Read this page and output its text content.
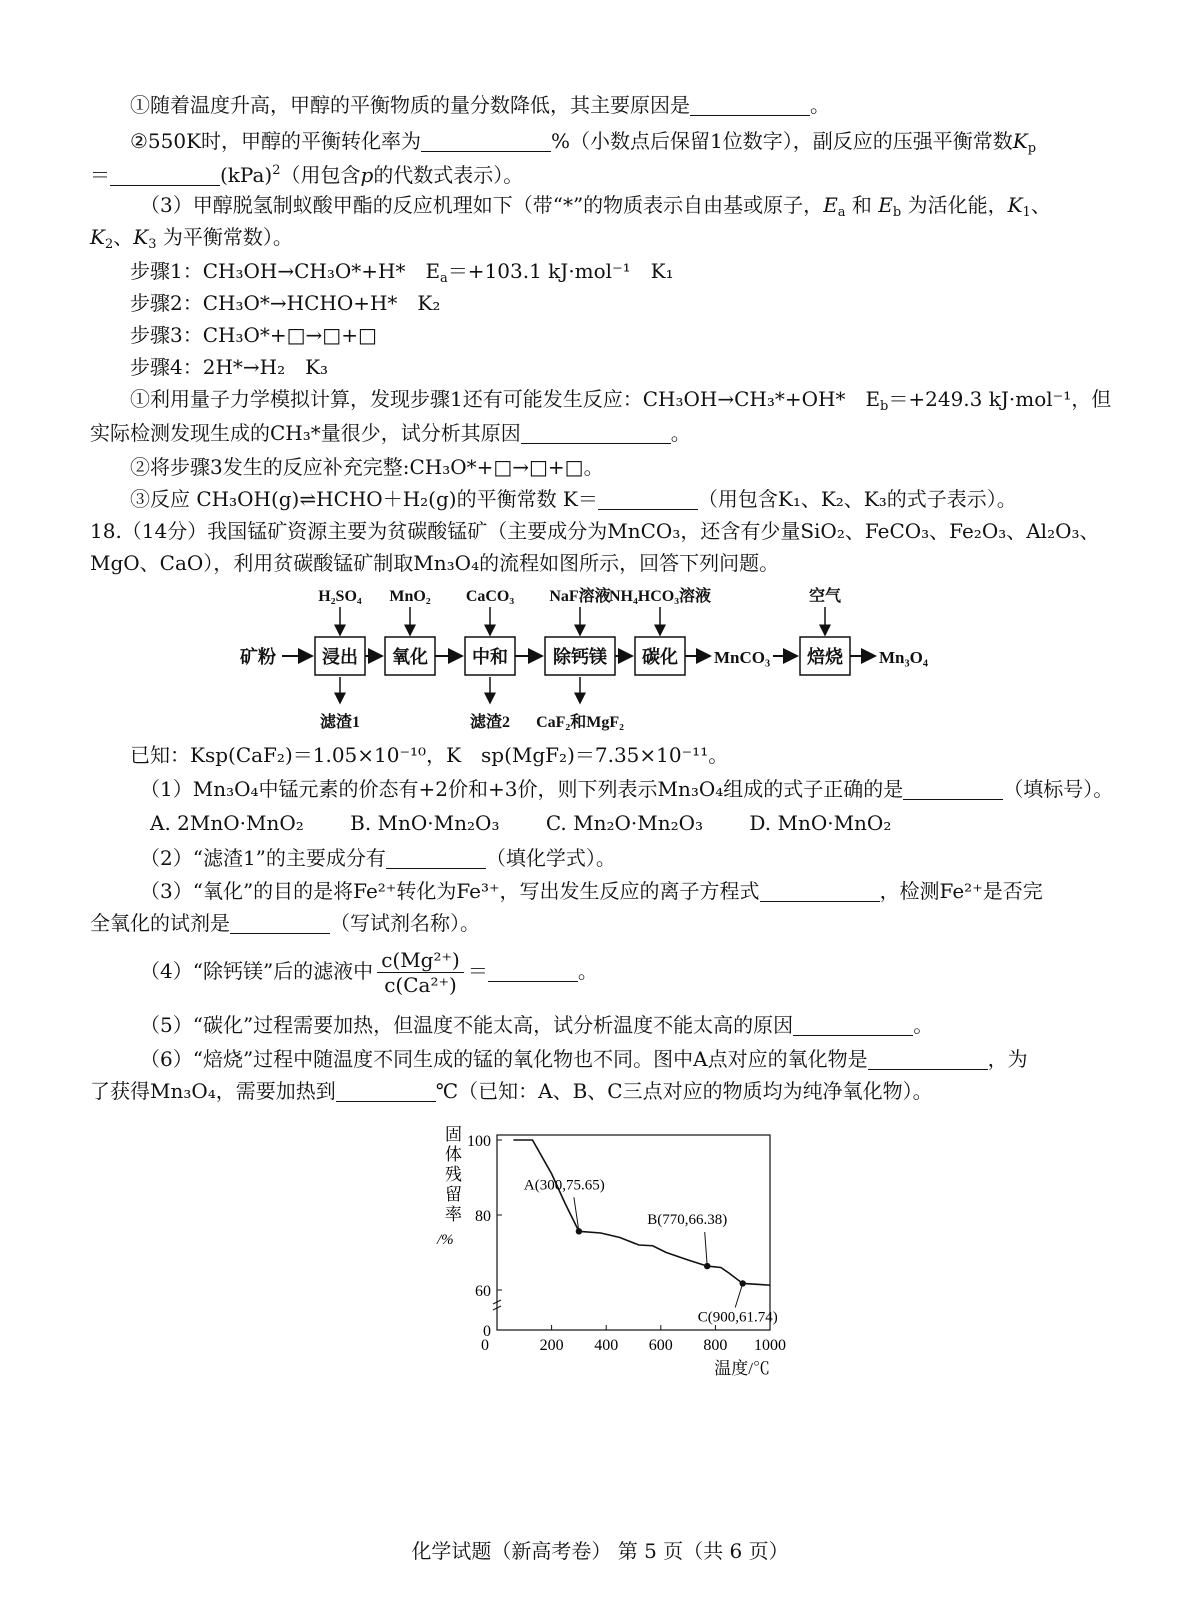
①随着温度升高，甲醇的平衡物质的量分数降低，其主要原因是	。
②550K时，甲醇的平衡转化率为	%（小数点后保留1位数字），副反应的压强平衡常数$K_p$
＝	(kPa)$^2$（用包含p的代数式表示）。
（3）甲醇脱氢制蚁酸甲酯的反应机理如下（带“*”的物质表示自由基或原子，$E_a$ 和 $E_b$ 为活化能，$K_1$、
$K_2$、$K_3$ 为平衡常数）。
步骤1：CH₃OH→CH₃O*+H*　$E_a=+103.1$ kJ·mol⁻¹　K₁
步骤2：CH₃O*→HCHO+H*　K₂
步骤3：CH₃O*+□→□+□
步骤4：2H*→H₂　K₃
①利用量子力学模拟计算，发现步骤1还有可能发生反应：CH₃OH→CH₃*+OH*　$E_b=+249.3$ kJ·mol⁻¹，但
实际检测发现生成的CH₃*量很少，试分析其原因	。
②将步骤3发生的反应补充完整:CH₃O*+□→□+□。
③反应 CH₃OH(g)⇌HCHO＋H₂(g)的平衡常数 K＝	（用包含K₁、K₂、K₃的式子表示）。
18.（14分）我国锰矿资源主要为贫碳酸锰矿（主要成分为MnCO₃，还含有少量SiO₂、FeCO₃、Fe₂O₃、Al₂O₃、
MgO、CaO），利用贫碳酸锰矿制取Mn₃O₄的流程如图所示，回答下列问题。
矿粉	浸出
H₂SO₄
氧化
MnO₂
中和
CaCO₃
除钙镁
NaF溶液
碳化
NH₄HCO₃溶液
焙烧
空气
MnCO₃	Mn₃O₄
滤渣1	滤渣2 CaF₂和MgF₂
已知：Ksp(CaF₂)＝1.05×10⁻¹⁰，K　 sp(MgF₂)＝7.35×10⁻¹¹。
（1）Mn₃O₄中锰元素的价态有+2价和+3价，则下列表示Mn₃O₄组成的式子正确的是	（填标号）。
A. 2MnO·MnO₂ B. MnO·Mn₂O₃ C. Mn₂O·Mn₂O₃ D. MnO·MnO₂
（2）“滤渣1”的主要成分有	（填化学式）。
（3）“氧化”的目的是将Fe²⁺转化为Fe³⁺，写出发生反应的离子方程式	，检测Fe²⁺是否完
全氧化的试剂是	（写试剂名称）。
（4）“除钙镁”后的滤液中 $\frac{\text{c(Mg²⁺)}}{\text{c(Ca²⁺)}}$ ＝	。
（5）“碳化”过程需要加热，但温度不能太高，试分析温度不能太高的原因	。
（6）“焙烧”过程中随温度不同生成的锰的氧化物也不同。图中A点对应的氧化物是	，为
了获得Mn₃O₄，需要加热到	℃（已知：A、B、C三点对应的物质均为纯净氧化物）。
固
体
残
留
率
/%
0
60
80
100
0	200 400 600 800 1000
温度/℃
A(300,75.65)
B(770,66.38)
C(900,61.74)
化学试题（新高考卷） 第 5 页（共 6 页）
